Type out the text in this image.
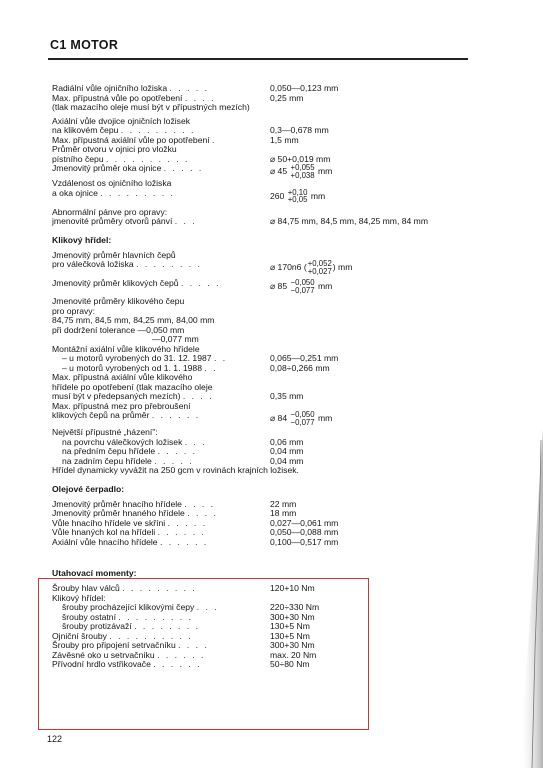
C1 MOTOR
Radiální vůle ojničního ložiska . . . . .	0,050—0,123 mm
Max. přípustná vůle po opotřebení . . . .	0,25 mm
(tlak mazacího oleje musí být v přípustných mezích)
Axiální vůle dvojice ojničních ložisek
na klikovém čepu . . . . . . . . .	0,3—0,678 mm
Max. přípustná axiální vůle po opotřebení .	1,5 mm
Průměr otvoru v ojnici pro vložku
pístního čepu . . . . . . . . . .	⌀ 50+0,019 mm
Jmenovitý průměr oka ojnice . . . . .	⌀ 45 +0,055
+0,038 mm
Vzdálenost os ojničního ložiska
a oka ojnice . . . . . . . . .	260 +0,10
+0,05 mm
Abnormální pánve pro opravy:
jmenovité průměry otvorů pánví . . .	⌀ 84,75 mm, 84,5 mm, 84,25 mm, 84 mm
Klikový hřídel:
Jmenovitý průměr hlavních čepů
pro válečková ložiska . . . . . . . .	⌀ 170n6 ( +0,052
+0,027 ) mm
Jmenovitý průměr klikových čepů . . . . .	⌀ 85 −0,050
−0,077 mm
Jmenovité průměry klikového čepu
pro opravy:
84,75 mm, 84,5 mm, 84,25 mm, 84,00 mm
při dodržení tolerance —0,050 mm
—0,077 mm
Montážní axiální vůle klikového hřídele
– u motorů vyrobených do 31. 12. 1987 . .	0,065—0,251 mm
– u motorů vyrobených od 1. 1. 1988 . .	0,08÷0,266 mm
Max. přípustná axiální vůle klikového
hřídele po opotřebení (tlak mazacího oleje
musí být v předepsaných mezích) . . . .	0,35 mm
Max. přípustná mez pro přebroušení
klikových čepů na průměr . . . . . .	⌀ 84 −0,050
−0,077 mm
Největší přípustné „házení":
na povrchu válečkových ložisek . . .	0,06 mm
na předním čepu hřídele . . . . .	0,04 mm
na zadním čepu hřídele . . . . .	0,04 mm
Hřídel dynamicky vyvážit na 250 gcm v rovinách krajních ložisek.
Olejové čerpadlo:
Jmenovitý průměr hnacího hřídele . . . .	22 mm
Jmenovitý průměr hnaného hřídele . . . .	18 mm
Vůle hnacího hřídele ve skříni . . . . .	0,027—0,061 mm
Vůle hnaných kol na hřídeli . . . . . .	0,050—0,088 mm
Axiální vůle hnacího hřídele . . . . . .	0,100—0,517 mm
Utahovací momenty:
Šrouby hlav válců . . . . . . . . .	120+10 Nm
Klikový hřídel:
šrouby procházející klikovými čepy . . .	220÷330 Nm
šrouby ostatní . . . . . . . . .	300+30 Nm
šrouby protizávaží . . . . . . . .	130+5 Nm
Ojniční šrouby . . . . . . . . . .	130+5 Nm
Šrouby pro připojení setrvačníku . . . .	300+30 Nm
Závěsné oko u setrvačníku . . . . . .	max. 20 Nm
Přívodní hrdlo vstřikovače . . . . . .	50÷80 Nm
122
